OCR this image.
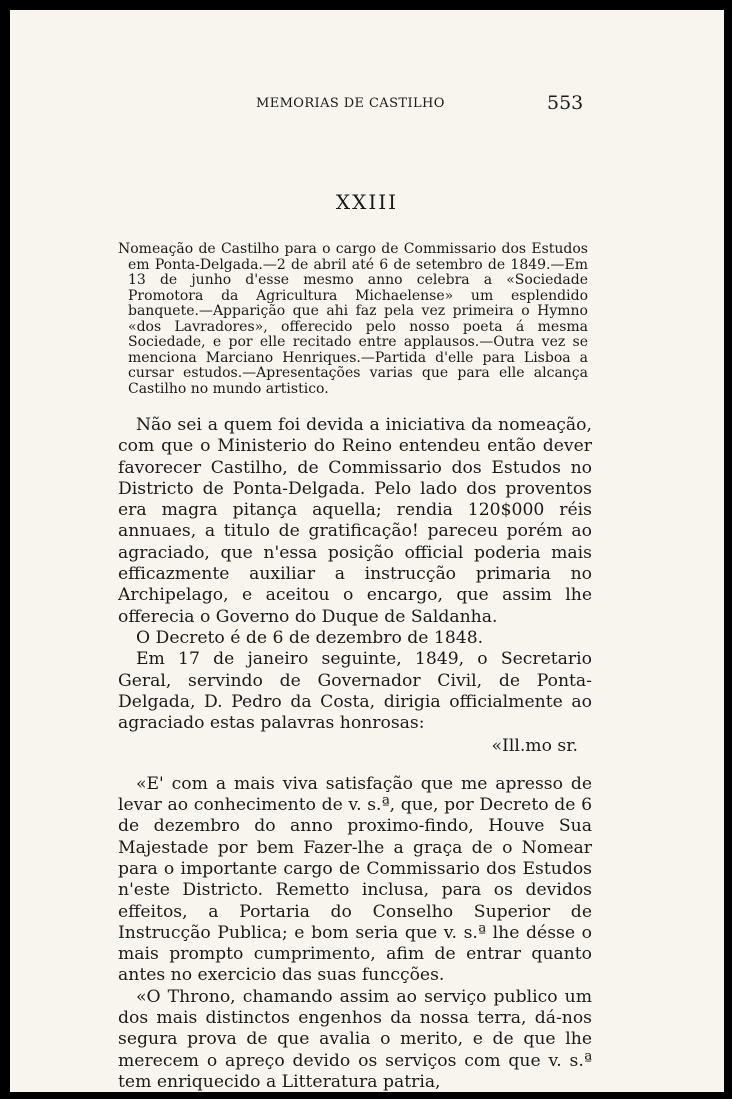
MEMORIAS DE CASTILHO	553
XXIII

Nomeação de Castilho para o cargo de Commissario dos Estudos em Ponta-Delgada.—2 de abril até 6 de setembro de 1849.—Em 13 de junho d'esse mesmo anno celebra a «Sociedade Promotora da Agricultura Michaelense» um esplendido banquete.—Apparição que ahi faz pela vez primeira o Hymno «dos Lavradores», offerecido pelo nosso poeta á mesma Sociedade, e por elle recitado entre applausos.—Outra vez se menciona Marciano Henriques.—Partida d'elle para Lisboa a cursar estudos.—Apresentações varias que para elle alcança Castilho no mundo artistico.

Não sei a quem foi devida a iniciativa da nomeação, com que o Ministerio do Reino entendeu então dever favorecer Castilho, de Commissario dos Estudos no Districto de Ponta-Delgada. Pelo lado dos proventos era magra pitança aquella; rendia 120$000 réis annuaes, a titulo de gratificação! pareceu porém ao agraciado, que n'essa posição official poderia mais efficazmente auxiliar a instrucção primaria no Archipelago, e aceitou o encargo, que assim lhe offerecia o Governo do Duque de Saldanha.

O Decreto é de 6 de dezembro de 1848.

Em 17 de janeiro seguinte, 1849, o Secretario Geral, servindo de Governador Civil, de Ponta-Delgada, D. Pedro da Costa, dirigia officialmente ao agraciado estas palavras honrosas:

«Ill.mo sr.

«E' com a mais viva satisfação que me apresso de levar ao conhecimento de v. s.ª, que, por Decreto de 6 de dezembro do anno proximo-findo, Houve Sua Majestade por bem Fazer-lhe a graça de o Nomear para o importante cargo de Commissario dos Estudos n'este Districto. Remetto inclusa, para os devidos effeitos, a Portaria do Conselho Superior de Instrucção Publica; e bom seria que v. s.ª lhe désse o mais prompto cumprimento, afim de entrar quanto antes no exercicio das suas funcções.

«O Throno, chamando assim ao serviço publico um dos mais distinctos engenhos da nossa terra, dá-nos segura prova de que avalia o merito, e de que lhe merecem o apreço devido os serviços com que v. s.ª tem enriquecido a Litteratura patria,
